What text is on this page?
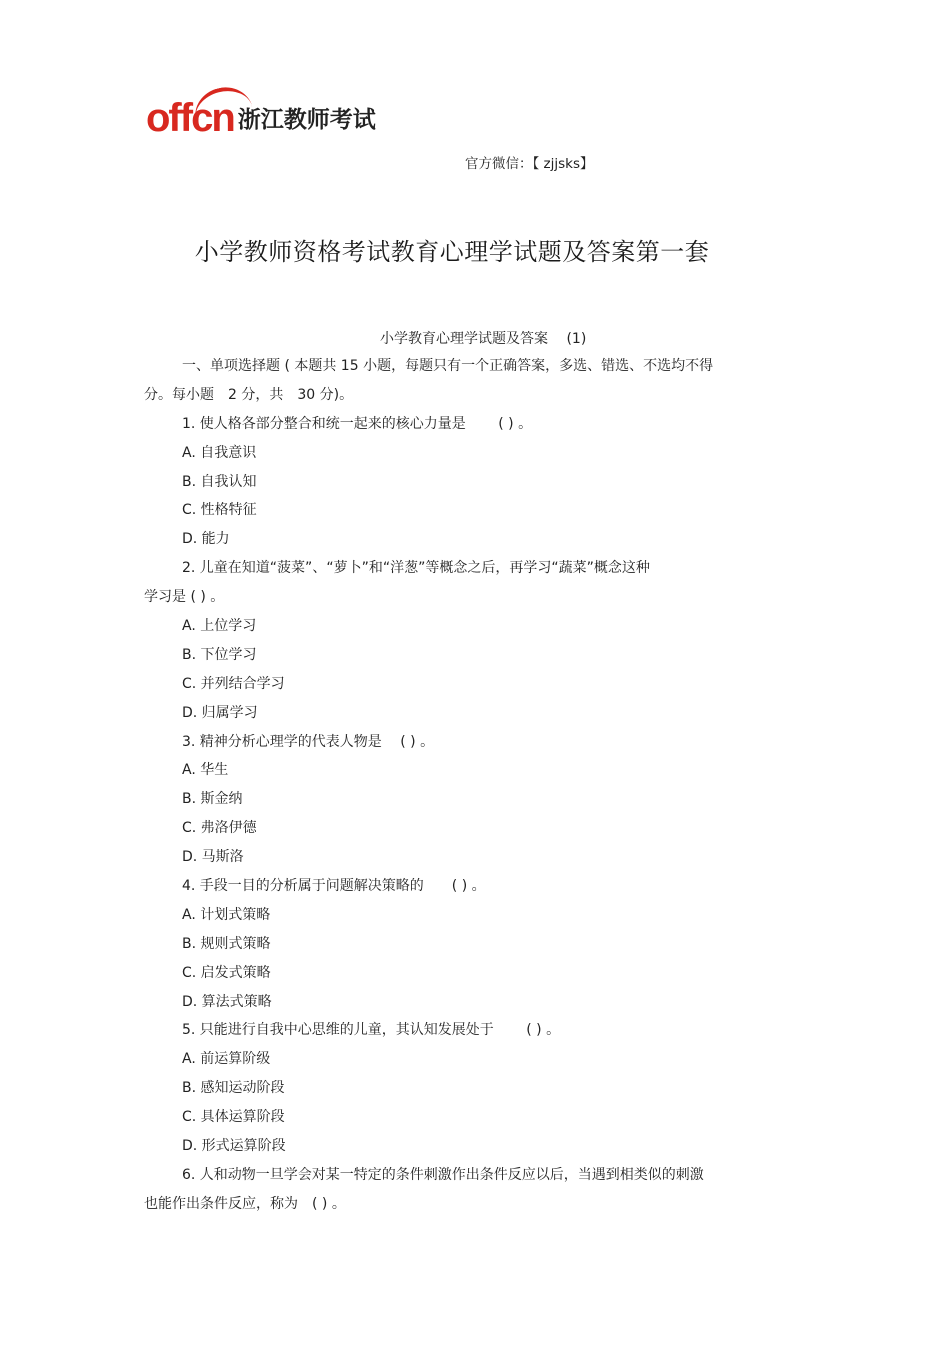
offcn 浙江教师考试
官方微信：【 zjjsks】
小学教师资格考试教育心理学试题及答案第一套
小学教育心理学试题及答案　 (1)
一、单项选择题 ( 本题共 15 小题，每题只有一个正确答案，多选、错选、不选均不得
分。每小题　2 分，共　30 分)。
1. 使人格各部分整合和统一起来的核心力量是　　 ( ) 。
A. 自我意识
B. 自我认知
C. 性格特征
D. 能力
2. 儿童在知道“菠菜”、“萝卜”和“洋葱”等概念之后，再学习“蔬菜”概念这种
学习是 ( ) 。
A. 上位学习
B. 下位学习
C. 并列结合学习
D. 归属学习
3. 精神分析心理学的代表人物是　 ( ) 。
A. 华生
B. 斯金纳
C. 弗洛伊德
D. 马斯洛
4. 手段一目的分析属于问题解决策略的　　( ) 。
A. 计划式策略
B. 规则式策略
C. 启发式策略
D. 算法式策略
5. 只能进行自我中心思维的儿童，其认知发展处于　　 ( ) 。
A. 前运算阶级
B. 感知运动阶段
C. 具体运算阶段
D. 形式运算阶段
6. 人和动物一旦学会对某一特定的条件刺激作出条件反应以后，当遇到相类似的刺激
也能作出条件反应，称为　( ) 。
